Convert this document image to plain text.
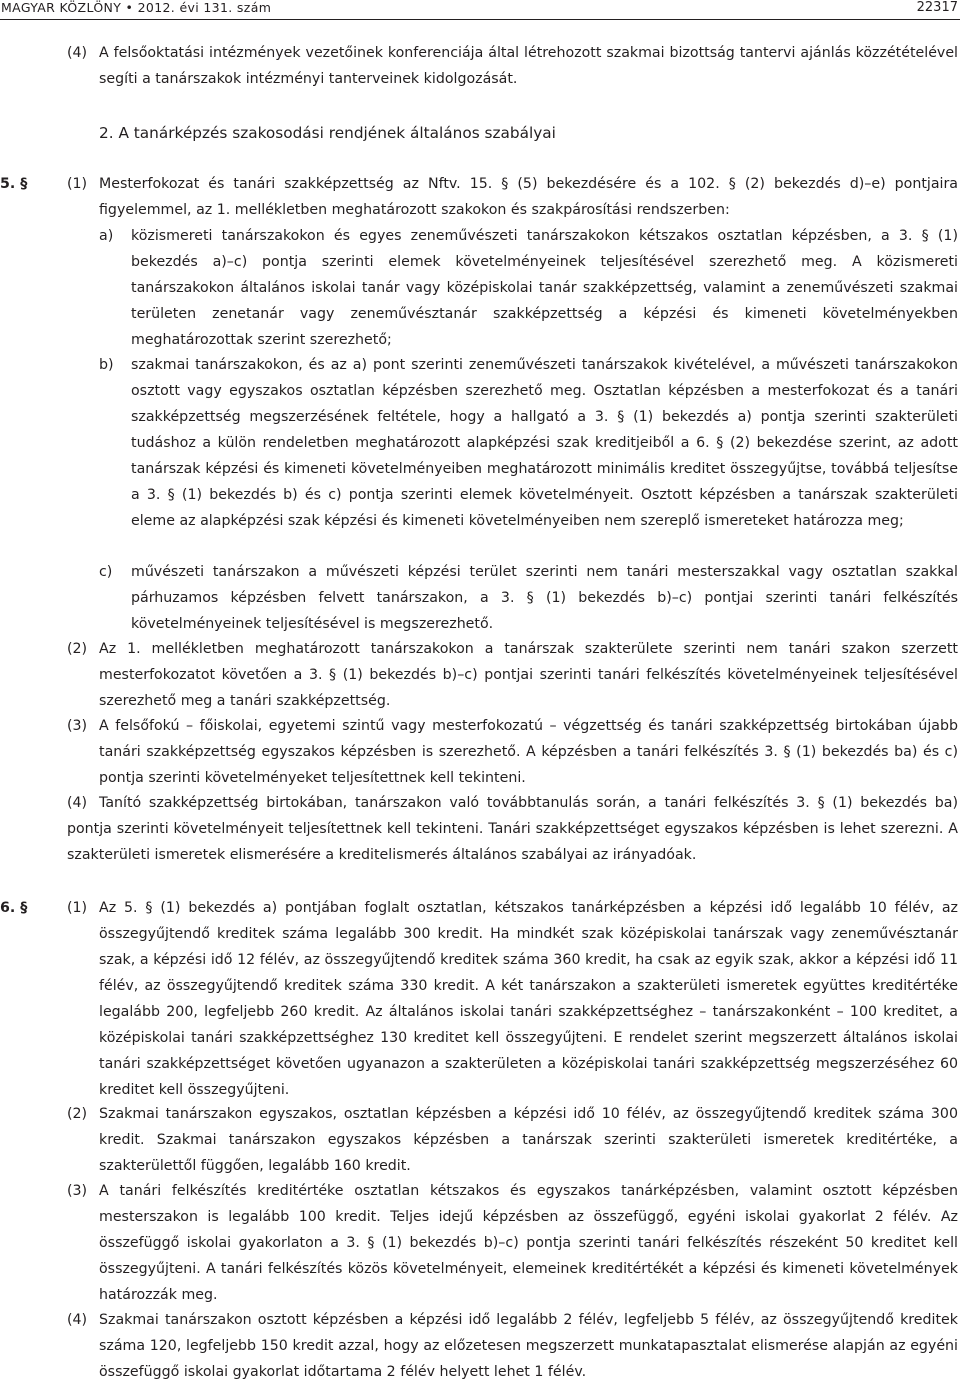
MAGYAR KÖZLÖNY • 2012. évi 131. szám	22317
(4) A felsőoktatási intézmények vezetőinek konferenciája által létrehozott szakmai bizottság tantervi ajánlás közzétételével segíti a tanárszakok intézményi tanterveinek kidolgozását.
2. A tanárképzés szakosodási rendjének általános szabályai
5. §	(1) Mesterfokozat és tanári szakképzettség az Nftv. 15. § (5) bekezdésére és a 102. § (2) bekezdés d)–e) pontjaira figyelemmel, az 1. mellékletben meghatározott szakokon és szakpárosítási rendszerben:
a) közismereti tanárszakokon és egyes zeneművészeti tanárszakokon kétszakos osztatlan képzésben, a 3. § (1) bekezdés a)–c) pontja szerinti elemek követelményeinek teljesítésével szerezhető meg. A közismereti tanárszakokon általános iskolai tanár vagy középiskolai tanár szakképzettség, valamint a zeneművészeti szakmai területen zenetanár vagy zeneművésztanár szakképzettség a képzési és kimeneti követelményekben meghatározottak szerint szerezhető;
b) szakmai tanárszakokon, és az a) pont szerinti zeneművészeti tanárszakok kivételével, a művészeti tanárszakokon osztott vagy egyszakos osztatlan képzésben szerezhető meg. Osztatlan képzésben a mesterfokozat és a tanári szakképzettség megszerzésének feltétele, hogy a hallgató a 3. § (1) bekezdés a) pontja szerinti szakterületi tudáshoz a külön rendeletben meghatározott alapképzési szak kreditjeiből a 6. § (2) bekezdése szerint, az adott tanárszak képzési és kimeneti követelményeiben meghatározott minimális kreditet összegyűjtse, továbbá teljesítse a 3. § (1) bekezdés b) és c) pontja szerinti elemek követelményeit. Osztott képzésben a tanárszak szakterületi eleme az alapképzési szak képzési és kimeneti követelményeiben nem szereplő ismereteket határozza meg;
c) művészeti tanárszakon a művészeti képzési terület szerinti nem tanári mesterszakkal vagy osztatlan szakkal párhuzamos képzésben felvett tanárszakon, a 3. § (1) bekezdés b)–c) pontjai szerinti tanári felkészítés követelményeinek teljesítésével is megszerezhető.
(2) Az 1. mellékletben meghatározott tanárszakokon a tanárszak szakterülete szerinti nem tanári szakon szerzett mesterfokozatot követően a 3. § (1) bekezdés b)–c) pontjai szerinti tanári felkészítés követelményeinek teljesítésével szerezhető meg a tanári szakképzettség.
(3) A felsőfokú – főiskolai, egyetemi szintű vagy mesterfokozatú – végzettség és tanári szakképzettség birtokában újabb tanári szakképzettség egyszakos képzésben is szerezhető. A képzésben a tanári felkészítés 3. § (1) bekezdés ba) és c) pontja szerinti követelményeket teljesítettnek kell tekinteni.
(4) Tanító szakképzettség birtokában, tanárszakon való továbbtanulás során, a tanári felkészítés 3. § (1) bekezdés ba) pontja szerinti követelményeit teljesítettnek kell tekinteni. Tanári szakképzettséget egyszakos képzésben is lehet szerezni. A szakterületi ismeretek elismerésére a kreditelismerés általános szabályai az irányadóak.
6. §	(1) Az 5. § (1) bekezdés a) pontjában foglalt osztatlan, kétszakos tanárképzésben a képzési idő legalább 10 félév, az összegyűjtendő kreditek száma legalább 300 kredit. Ha mindkét szak középiskolai tanárszak vagy zeneművésztanár szak, a képzési idő 12 félév, az összegyűjtendő kreditek száma 360 kredit, ha csak az egyik szak, akkor a képzési idő 11 félév, az összegyűjtendő kreditek száma 330 kredit. A két tanárszakon a szakterületi ismeretek együttes kreditértéke legalább 200, legfeljebb 260 kredit. Az általános iskolai tanári szakképzettséghez – tanárszakonként – 100 kreditet, a középiskolai tanári szakképzettséghez 130 kreditet kell összegyűjteni. E rendelet szerint megszerzett általános iskolai tanári szakképzettséget követően ugyanazon a szakterületen a középiskolai tanári szakképzettség megszerzéséhez 60 kreditet kell összegyűjteni.
(2) Szakmai tanárszakon egyszakos, osztatlan képzésben a képzési idő 10 félév, az összegyűjtendő kreditek száma 300 kredit. Szakmai tanárszakon egyszakos képzésben a tanárszak szerinti szakterületi ismeretek kreditértéke, a szakterülettől függően, legalább 160 kredit.
(3) A tanári felkészítés kreditértéke osztatlan kétszakos és egyszakos tanárképzésben, valamint osztott képzésben mesterszakon is legalább 100 kredit. Teljes idejű képzésben az összefüggő, egyéni iskolai gyakorlat 2 félév. Az összefüggő iskolai gyakorlaton a 3. § (1) bekezdés b)–c) pontja szerinti tanári felkészítés részeként 50 kreditet kell összegyűjteni. A tanári felkészítés közös követelményeit, elemeinek kreditértékét a képzési és kimeneti követelmények határozzák meg.
(4) Szakmai tanárszakon osztott képzésben a képzési idő legalább 2 félév, legfeljebb 5 félév, az összegyűjtendő kreditek száma 120, legfeljebb 150 kredit azzal, hogy az előzetesen megszerzett munkatapasztalat elismerése alapján az egyéni összefüggő iskolai gyakorlat időtartama 2 félév helyett lehet 1 félév.
